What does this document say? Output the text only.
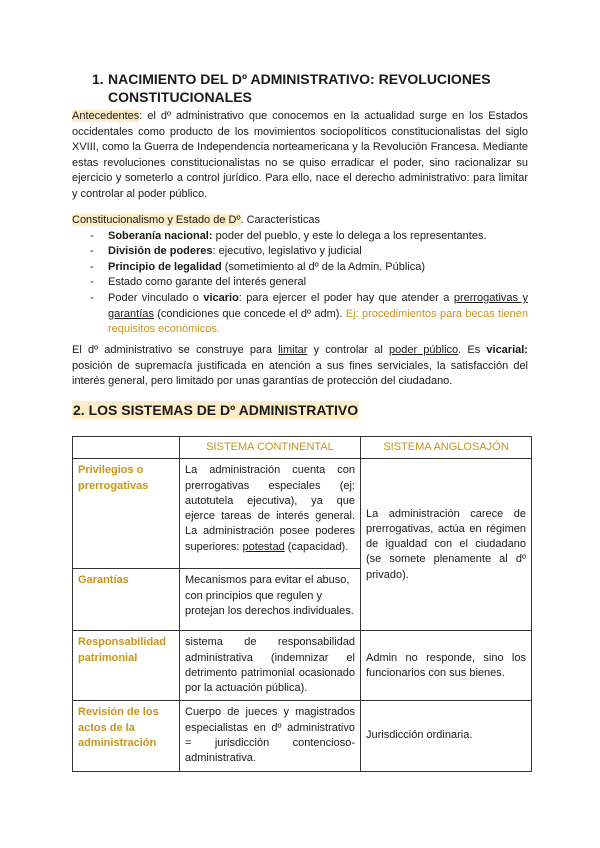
1. NACIMIENTO DEL Dº ADMINISTRATIVO: REVOLUCIONES CONSTITUCIONALES
Antecedentes: el dº administrativo que conocemos en la actualidad surge en los Estados occidentales como producto de los movimientos sociopolíticos constitucionalistas del siglo XVIII, como la Guerra de Independencia norteamericana y la Revolución Francesa. Mediante estas revoluciones constitucionalistas no se quiso erradicar el poder, sino racionalizar su ejercicio y someterlo a control jurídico. Para ello, nace el derecho administrativo: para limitar y controlar al poder público.
Constitucionalismo y Estado de Dº. Características
- Soberanía nacional: poder del pueblo, y este lo delega a los representantes.
- División de poderes: ejecutivo, legislativo y judicial
- Principio de legalidad (sometimiento al dº de la Admin. Pública)
- Estado como garante del interés general
- Poder vinculado o vicario: para ejercer el poder hay que atender a prerrogativas y garantías (condiciones que concede el dº adm). Ej: procedimientos para becas tienen requisitos económicos.
El dº administrativo se construye para limitar y controlar al poder público. Es vicarial: posición de supremacía justificada en atención a sus fines serviciales, la satisfacción del interés general, pero limitado por unas garantías de protección del ciudadano.
2. LOS SISTEMAS DE Dº ADMINISTRATIVO
	SISTEMA CONTINENTAL	SISTEMA ANGLOSAJÓN
Privilegios o prerrogativas	La administración cuenta con prerrogativas especiales (ej: autotutela ejecutiva), ya que ejerce tareas de interés general. La administración posee poderes superiores: potestad (capacidad).	La administración carece de prerrogativas, actúa en régimen de igualdad con el ciudadano (se somete plenamente al dº privado).
Garantías	Mecanismos para evitar el abuso, con principios que regulen y protejan los derechos individuales.	
Responsabilidad patrimonial	sistema de responsabilidad administrativa (indemnizar el detrimento patrimonial ocasionado por la actuación pública).	Admin no responde, sino los funcionarios con sus bienes.
Revisión de los actos de la administración	Cuerpo de jueces y magistrados especialistas en dº administrativo = jurisdicción contencioso-administrativa.	Jurisdicción ordinaria.
